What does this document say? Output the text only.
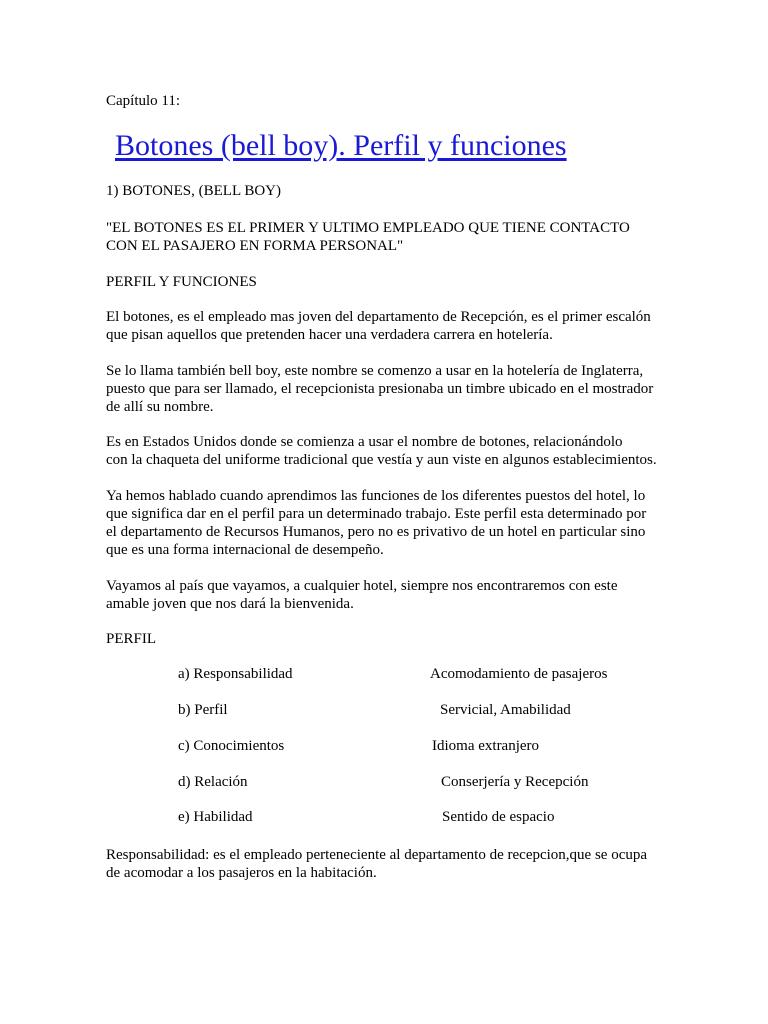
Capítulo 11:

Botones (bell boy). Perfil y funciones

1) BOTONES, (BELL BOY)

"EL BOTONES ES EL PRIMER Y ULTIMO EMPLEADO QUE TIENE CONTACTO

CON EL PASAJERO EN FORMA PERSONAL"

PERFIL Y FUNCIONES

El botones, es el empleado mas joven del departamento de Recepción, es el primer escalón

que pisan aquellos que pretenden hacer una verdadera carrera en hotelería.

Se lo llama también bell boy, este nombre se comenzo a usar en la hotelería de Inglaterra,

puesto que para ser llamado, el recepcionista presionaba un timbre ubicado en el mostrador

de allí su nombre.

Es en Estados Unidos donde se comienza a usar el nombre de botones, relacionándolo

con la chaqueta del uniforme tradicional que vestía y aun viste en algunos establecimientos.

Ya hemos hablado cuando aprendimos las funciones de los diferentes puestos del hotel, lo

que significa dar en el perfil para un determinado trabajo. Este perfil esta determinado por

el departamento de Recursos Humanos, pero no es privativo de un hotel en particular sino

que es una forma internacional de desempeño.

Vayamos al país que vayamos, a cualquier hotel, siempre nos encontraremos con este

amable joven que nos dará la bienvenida.

PERFIL

a) Responsabilidad	Acomodamiento de pasajeros
b) Perfil	Servicial, Amabilidad
c) Conocimientos	Idioma extranjero
d) Relación	Conserjería y Recepción
e) Habilidad	Sentido de espacio

Responsabilidad: es el empleado perteneciente al departamento de recepcion,que se ocupa

de acomodar a los pasajeros en la habitación.
